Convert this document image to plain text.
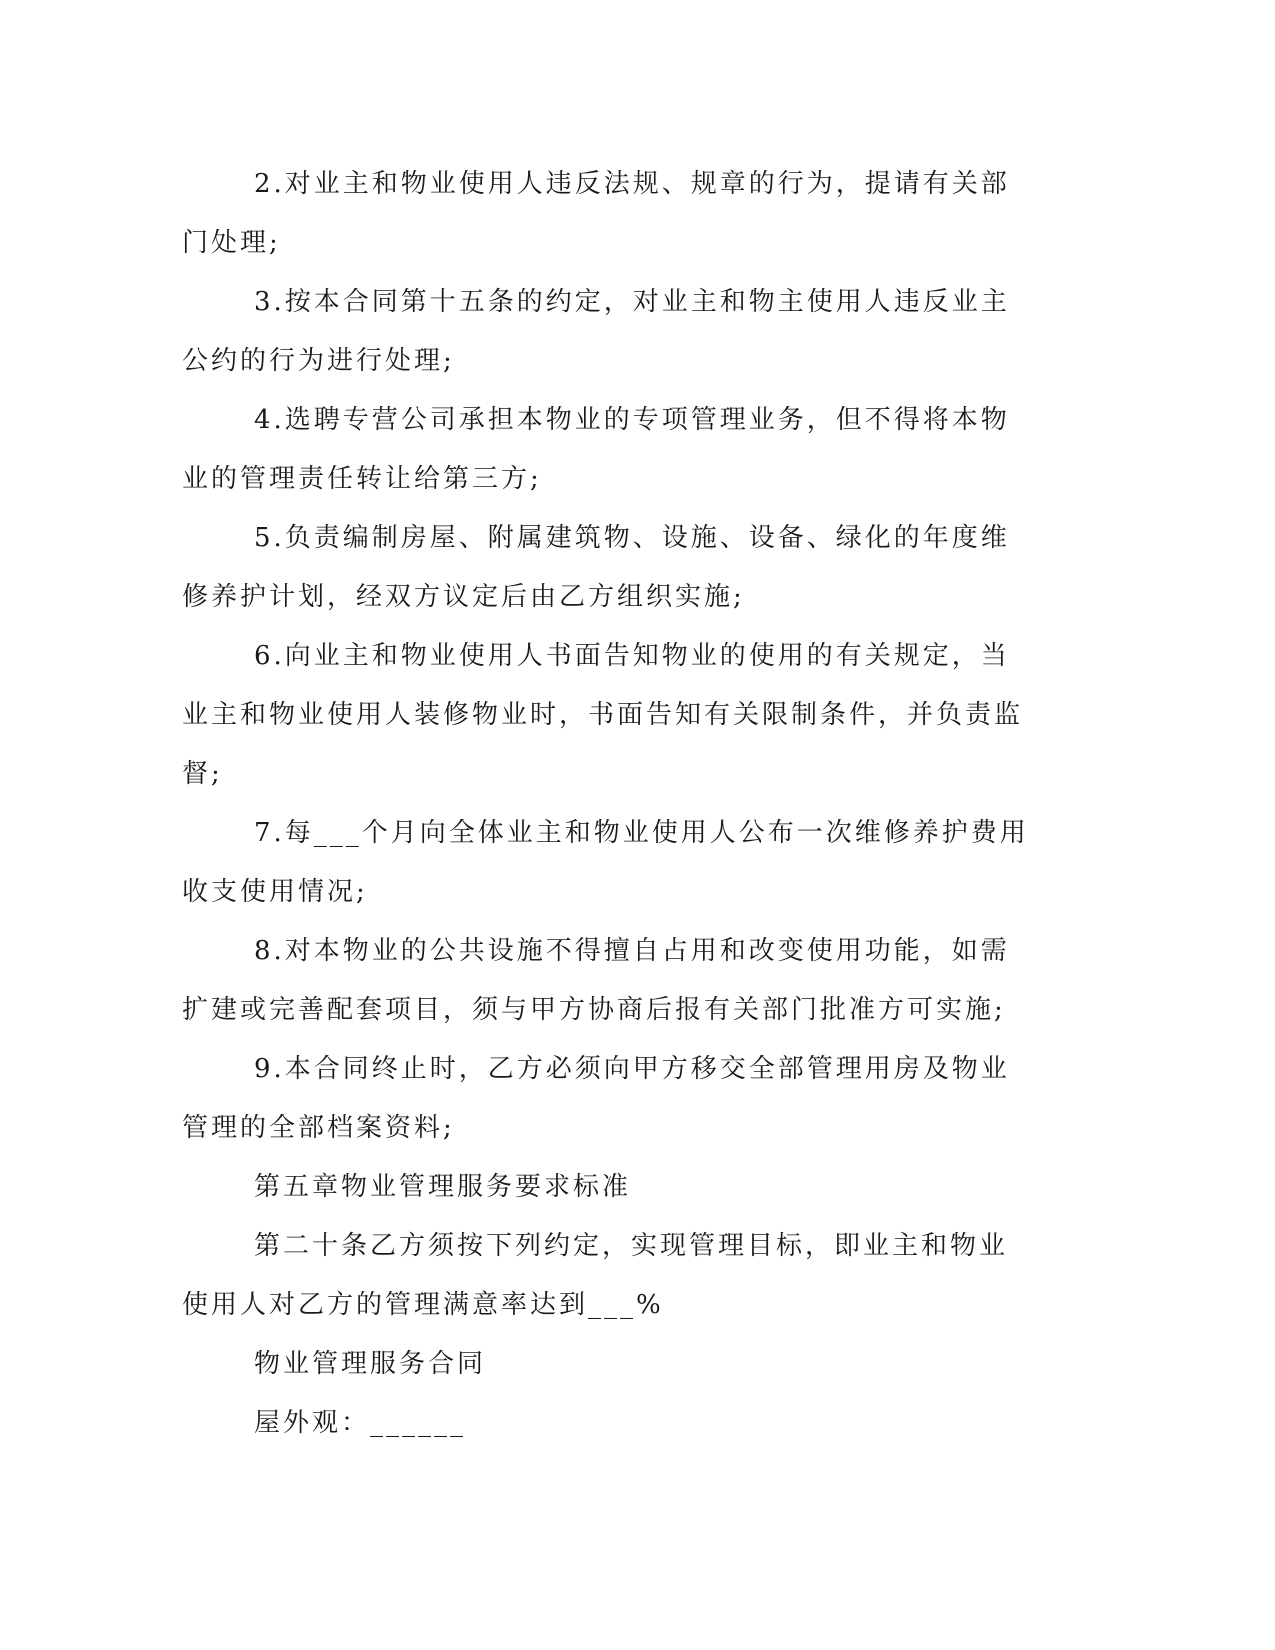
2.对业主和物业使用人违反法规、规章的行为，提请有关部门处理;

3.按本合同第十五条的约定，对业主和物主使用人违反业主公约的行为进行处理;

4.选聘专营公司承担本物业的专项管理业务，但不得将本物业的管理责任转让给第三方;

5.负责编制房屋、附属建筑物、设施、设备、绿化的年度维修养护计划，经双方议定后由乙方组织实施;

6.向业主和物业使用人书面告知物业的使用的有关规定，当业主和物业使用人装修物业时，书面告知有关限制条件，并负责监督;

7.每___个月向全体业主和物业使用人公布一次维修养护费用收支使用情况;

8.对本物业的公共设施不得擅自占用和改变使用功能，如需扩建或完善配套项目，须与甲方协商后报有关部门批准方可实施;

9.本合同终止时，乙方必须向甲方移交全部管理用房及物业管理的全部档案资料;

第五章物业管理服务要求标准

第二十条乙方须按下列约定，实现管理目标，即业主和物业使用人对乙方的管理满意率达到___%

物业管理服务合同

屋外观：______
